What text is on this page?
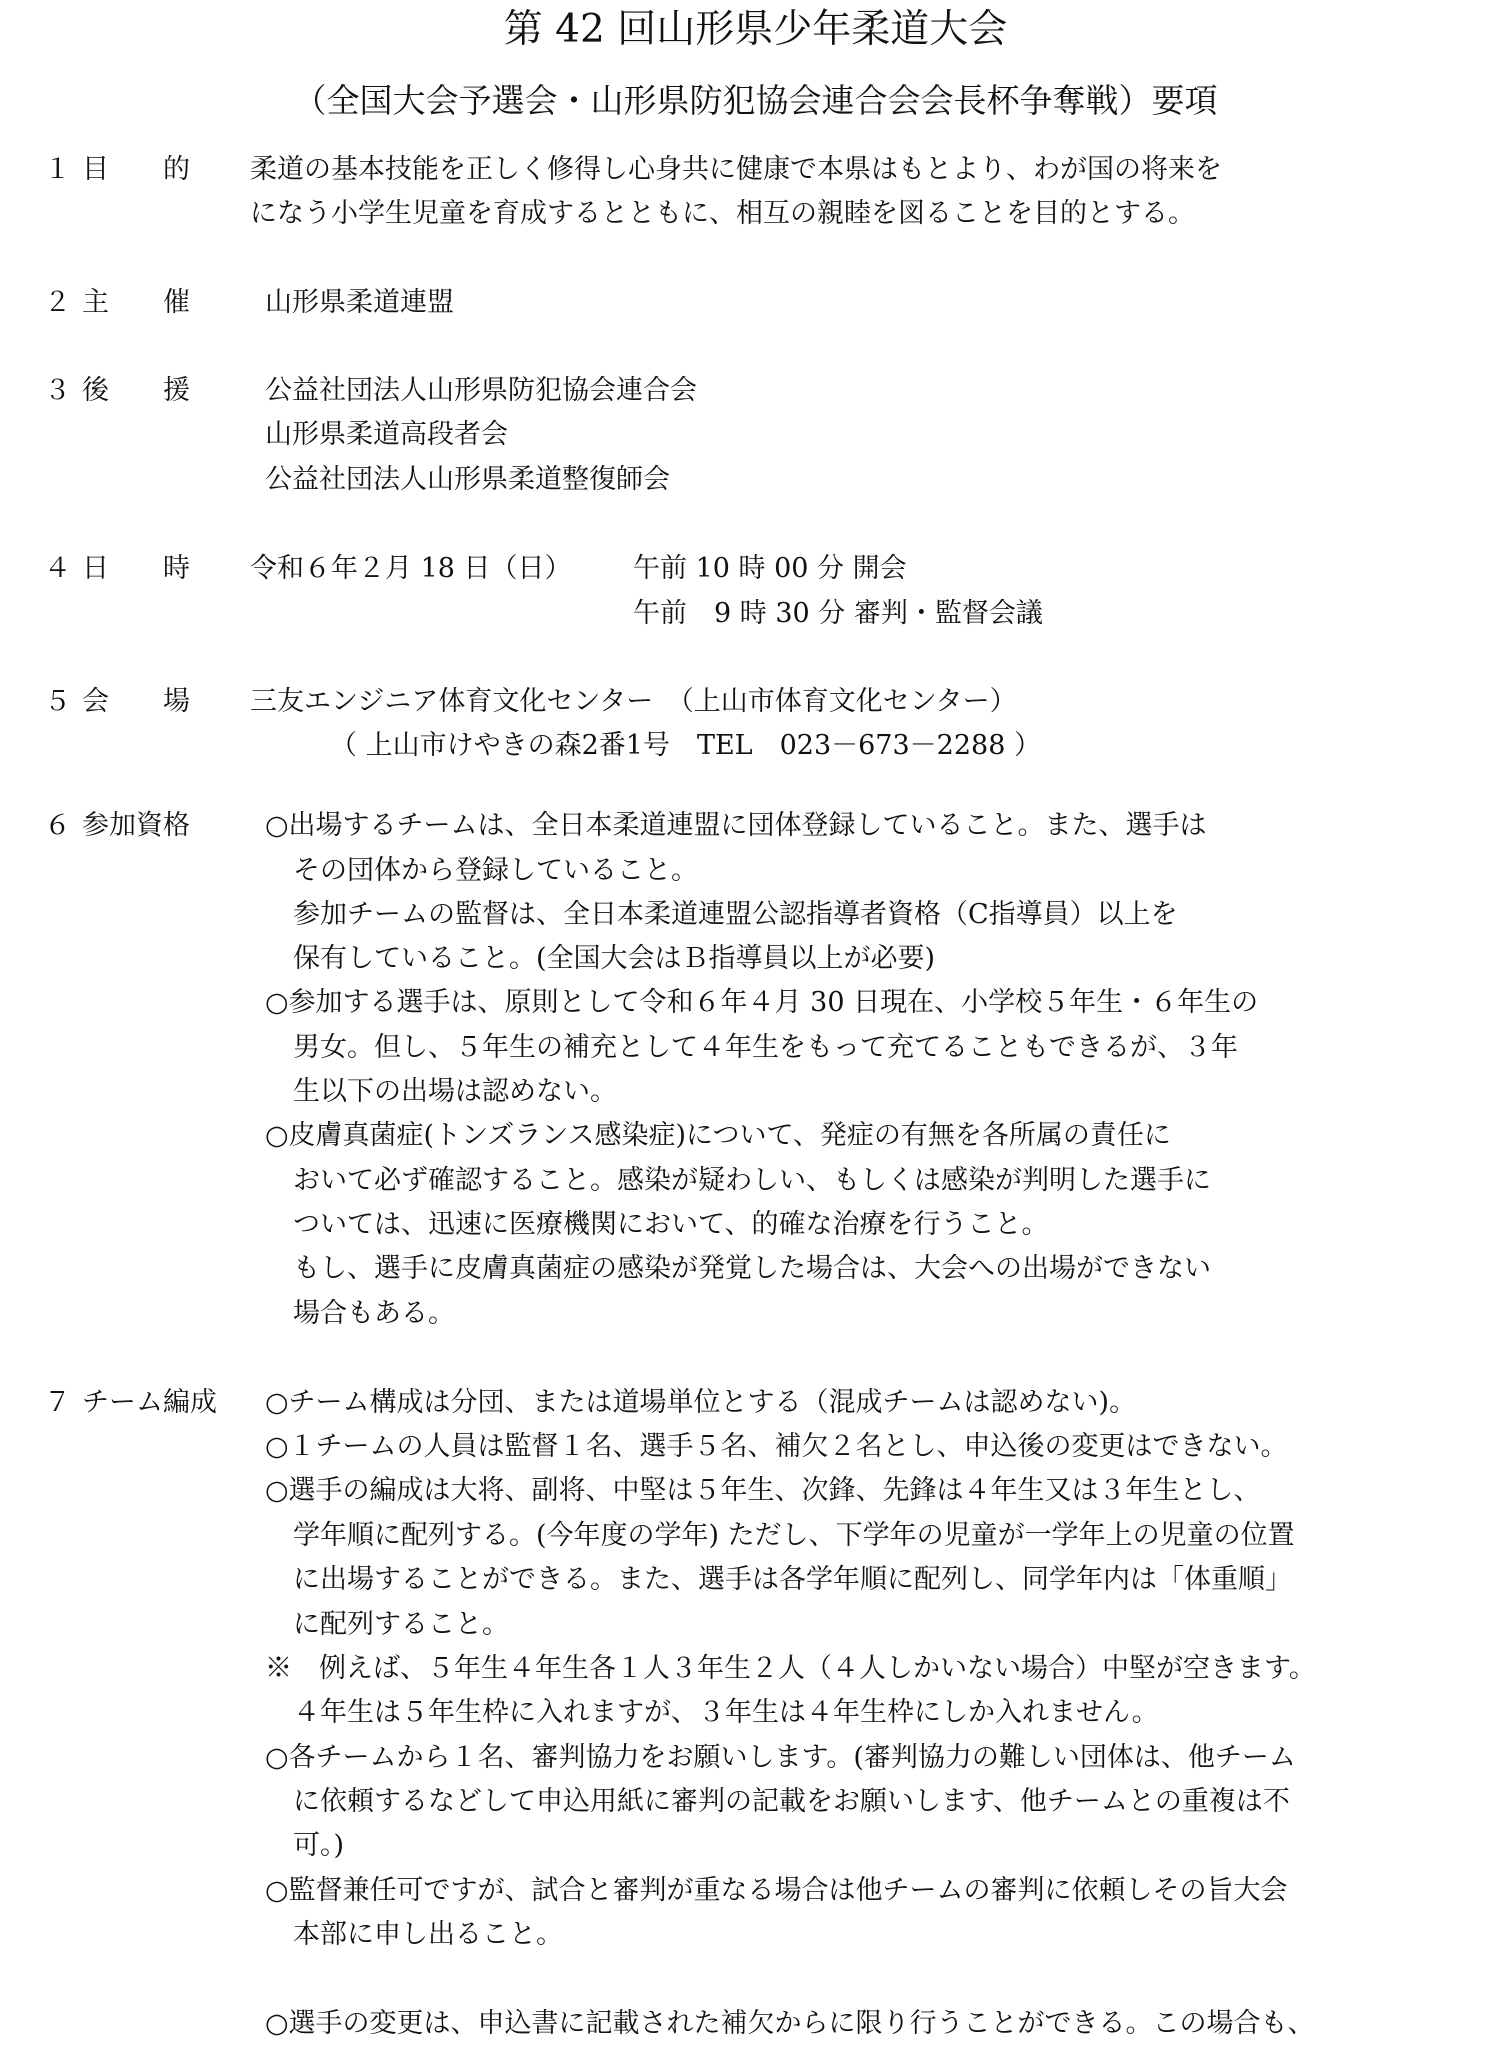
第 42 回山形県少年柔道大会
（全国大会予選会・山形県防犯協会連合会会長杯争奪戦）要項
１ 目　　的 柔道の基本技能を正しく修得し心身共に健康で本県はもとより、わが国の将来を
になう小学生児童を育成するとともに、相互の親睦を図ることを目的とする。
２ 主　　催	山形県柔道連盟
３ 後　　援	公益社団法人山形県防犯協会連合会
山形県柔道高段者会
公益社団法人山形県柔道整復師会
４ 日　　時 令和６年２月 18 日（日） 午前 10 時 00 分 開会
午前　9 時 30 分 審判・監督会議
５ 会　　場 三友エンジニア体育文化センター　（上山市体育文化センター）
（ 上山市けやきの森2番1号　TEL　023－673－2288 ）
６ 参加資格	○出場するチームは、全日本柔道連盟に団体登録していること。また、選手は
その団体から登録していること。
参加チームの監督は、全日本柔道連盟公認指導者資格（C指導員）以上を
保有していること。(全国大会はＢ指導員以上が必要)
○参加する選手は、原則として令和６年４月 30 日現在、小学校５年生・６年生の
男女。但し、５年生の補充として４年生をもって充てることもできるが、３年
生以下の出場は認めない。
○皮膚真菌症(トンズランス感染症)について、発症の有無を各所属の責任に
おいて必ず確認すること。感染が疑わしい、もしくは感染が判明した選手に
ついては、迅速に医療機関において、的確な治療を行うこと。
もし、選手に皮膚真菌症の感染が発覚した場合は、大会への出場ができない
場合もある。
７ チーム編成 ○チーム構成は分団、または道場単位とする（混成チームは認めない)。
○１チームの人員は監督１名、選手５名、補欠２名とし、申込後の変更はできない。
○選手の編成は大将、副将、中堅は５年生、次鋒、先鋒は４年生又は３年生とし、
学年順に配列する。(今年度の学年) ただし、下学年の児童が一学年上の児童の位置
に出場することができる。また、選手は各学年順に配列し、同学年内は「体重順」
に配列すること。
※　例えば、５年生４年生各１人３年生２人（４人しかいない場合）中堅が空きます。
４年生は５年生枠に入れますが、３年生は４年生枠にしか入れません。
○各チームから１名、審判協力をお願いします。(審判協力の難しい団体は、他チーム
に依頼するなどして申込用紙に審判の記載をお願いします、他チームとの重複は不
可。)
○監督兼任可ですが、試合と審判が重なる場合は他チームの審判に依頼しその旨大会
本部に申し出ること。
○選手の変更は、申込書に記載された補欠からに限り行うことができる。この場合も、
